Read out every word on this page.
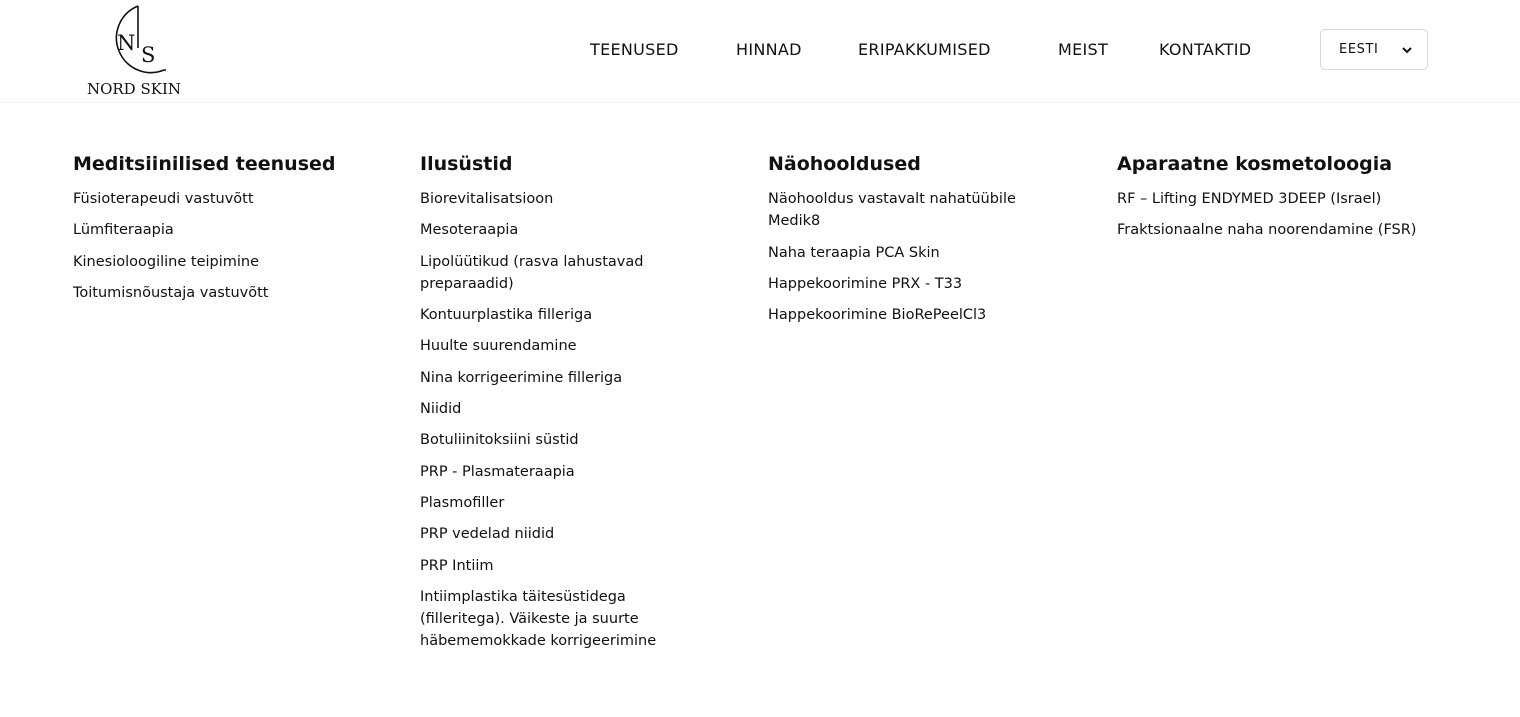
N S
NORD SKIN
TEENUSED	HINNAD	ERIPAKKUMISED	MEIST	KONTAKTID	EESTI
Meditsiinilised teenused
Füsioterapeudi vastuvõtt
Lümfiteraapia
Kinesioloogiline teipimine
Toitumisnõustaja vastuvõtt
Ilusüstid
Biorevitalisatsioon
Mesoteraapia
Lipolüütikud (rasva lahustavad preparaadid)
Kontuurplastika filleriga
Huulte suurendamine
Nina korrigeerimine filleriga
Niidid
Botuliinitoksiini süstid
PRP - Plasmateraapia
Plasmofiller
PRP vedelad niidid
PRP Intiim
Intiimplastika täitesüstidega (filleritega). Väikeste ja suurte häbememokkade korrigeerimine
Näohooldused
Näohooldus vastavalt nahatüübile Medik8
Naha teraapia PCA Skin
Happekoorimine PRX - T33
Happekoorimine BioRePeelCl3
Aparaatne kosmetoloogia
RF – Lifting ENDYMED 3DEEP (Israel)
Fraktsionaalne naha noorendamine (FSR)
